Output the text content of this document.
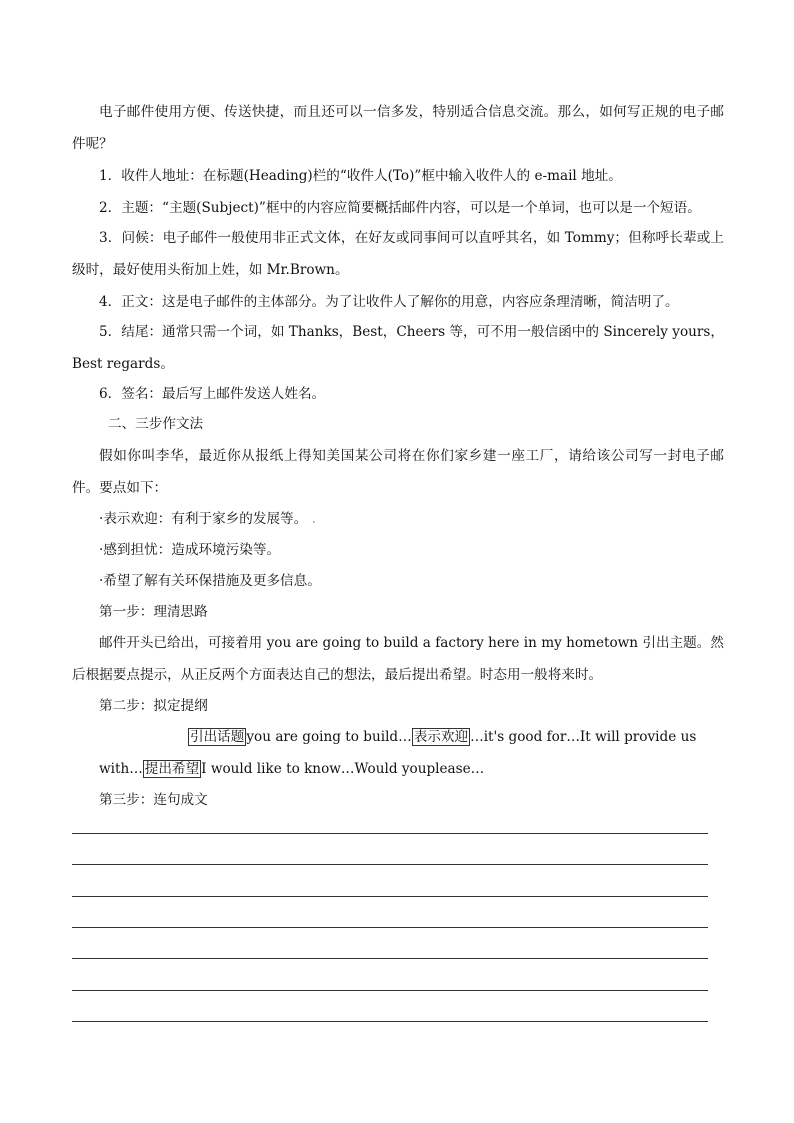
电子邮件使用方便、传送快捷，而且还可以一信多发，特别适合信息交流。那么，如何写正规的电子邮件呢？

1．收件人地址：在标题(Heading)栏的“收件人(To)”框中输入收件人的 e-mail 地址。

2．主题：“主题(Subject)”框中的内容应简要概括邮件内容，可以是一个单词，也可以是一个短语。

3．问候：电子邮件一般使用非正式文体，在好友或同事间可以直呼其名，如 Tommy；但称呼长辈或上级时，最好使用头衔加上姓，如 Mr.Brown。

4．正文：这是电子邮件的主体部分。为了让收件人了解你的用意，内容应条理清晰，简洁明了。

5．结尾：通常只需一个词，如 Thanks，Best，Cheers 等，可不用一般信函中的 Sincerely yours，Best regards。

6．签名：最后写上邮件发送人姓名。

二、三步作文法

假如你叫李华，最近你从报纸上得知美国某公司将在你们家乡建一座工厂，请给该公司写一封电子邮件。要点如下：

·表示欢迎：有利于家乡的发展等。 .

·感到担忧：造成环境污染等。

·希望了解有关环保措施及更多信息。

第一步：理清思路

邮件开头已给出，可接着用 you are going to build a factory here in my hometown 引出主题。然后根据要点提示，从正反两个方面表达自己的想法，最后提出希望。时态用一般将来时。

第二步：拟定提纲

引出话题 you are going to build… 表示欢迎 …it's good for…It will provide us

with… 提出希望 I would like to know…Would youplease…

第三步：连句成文
